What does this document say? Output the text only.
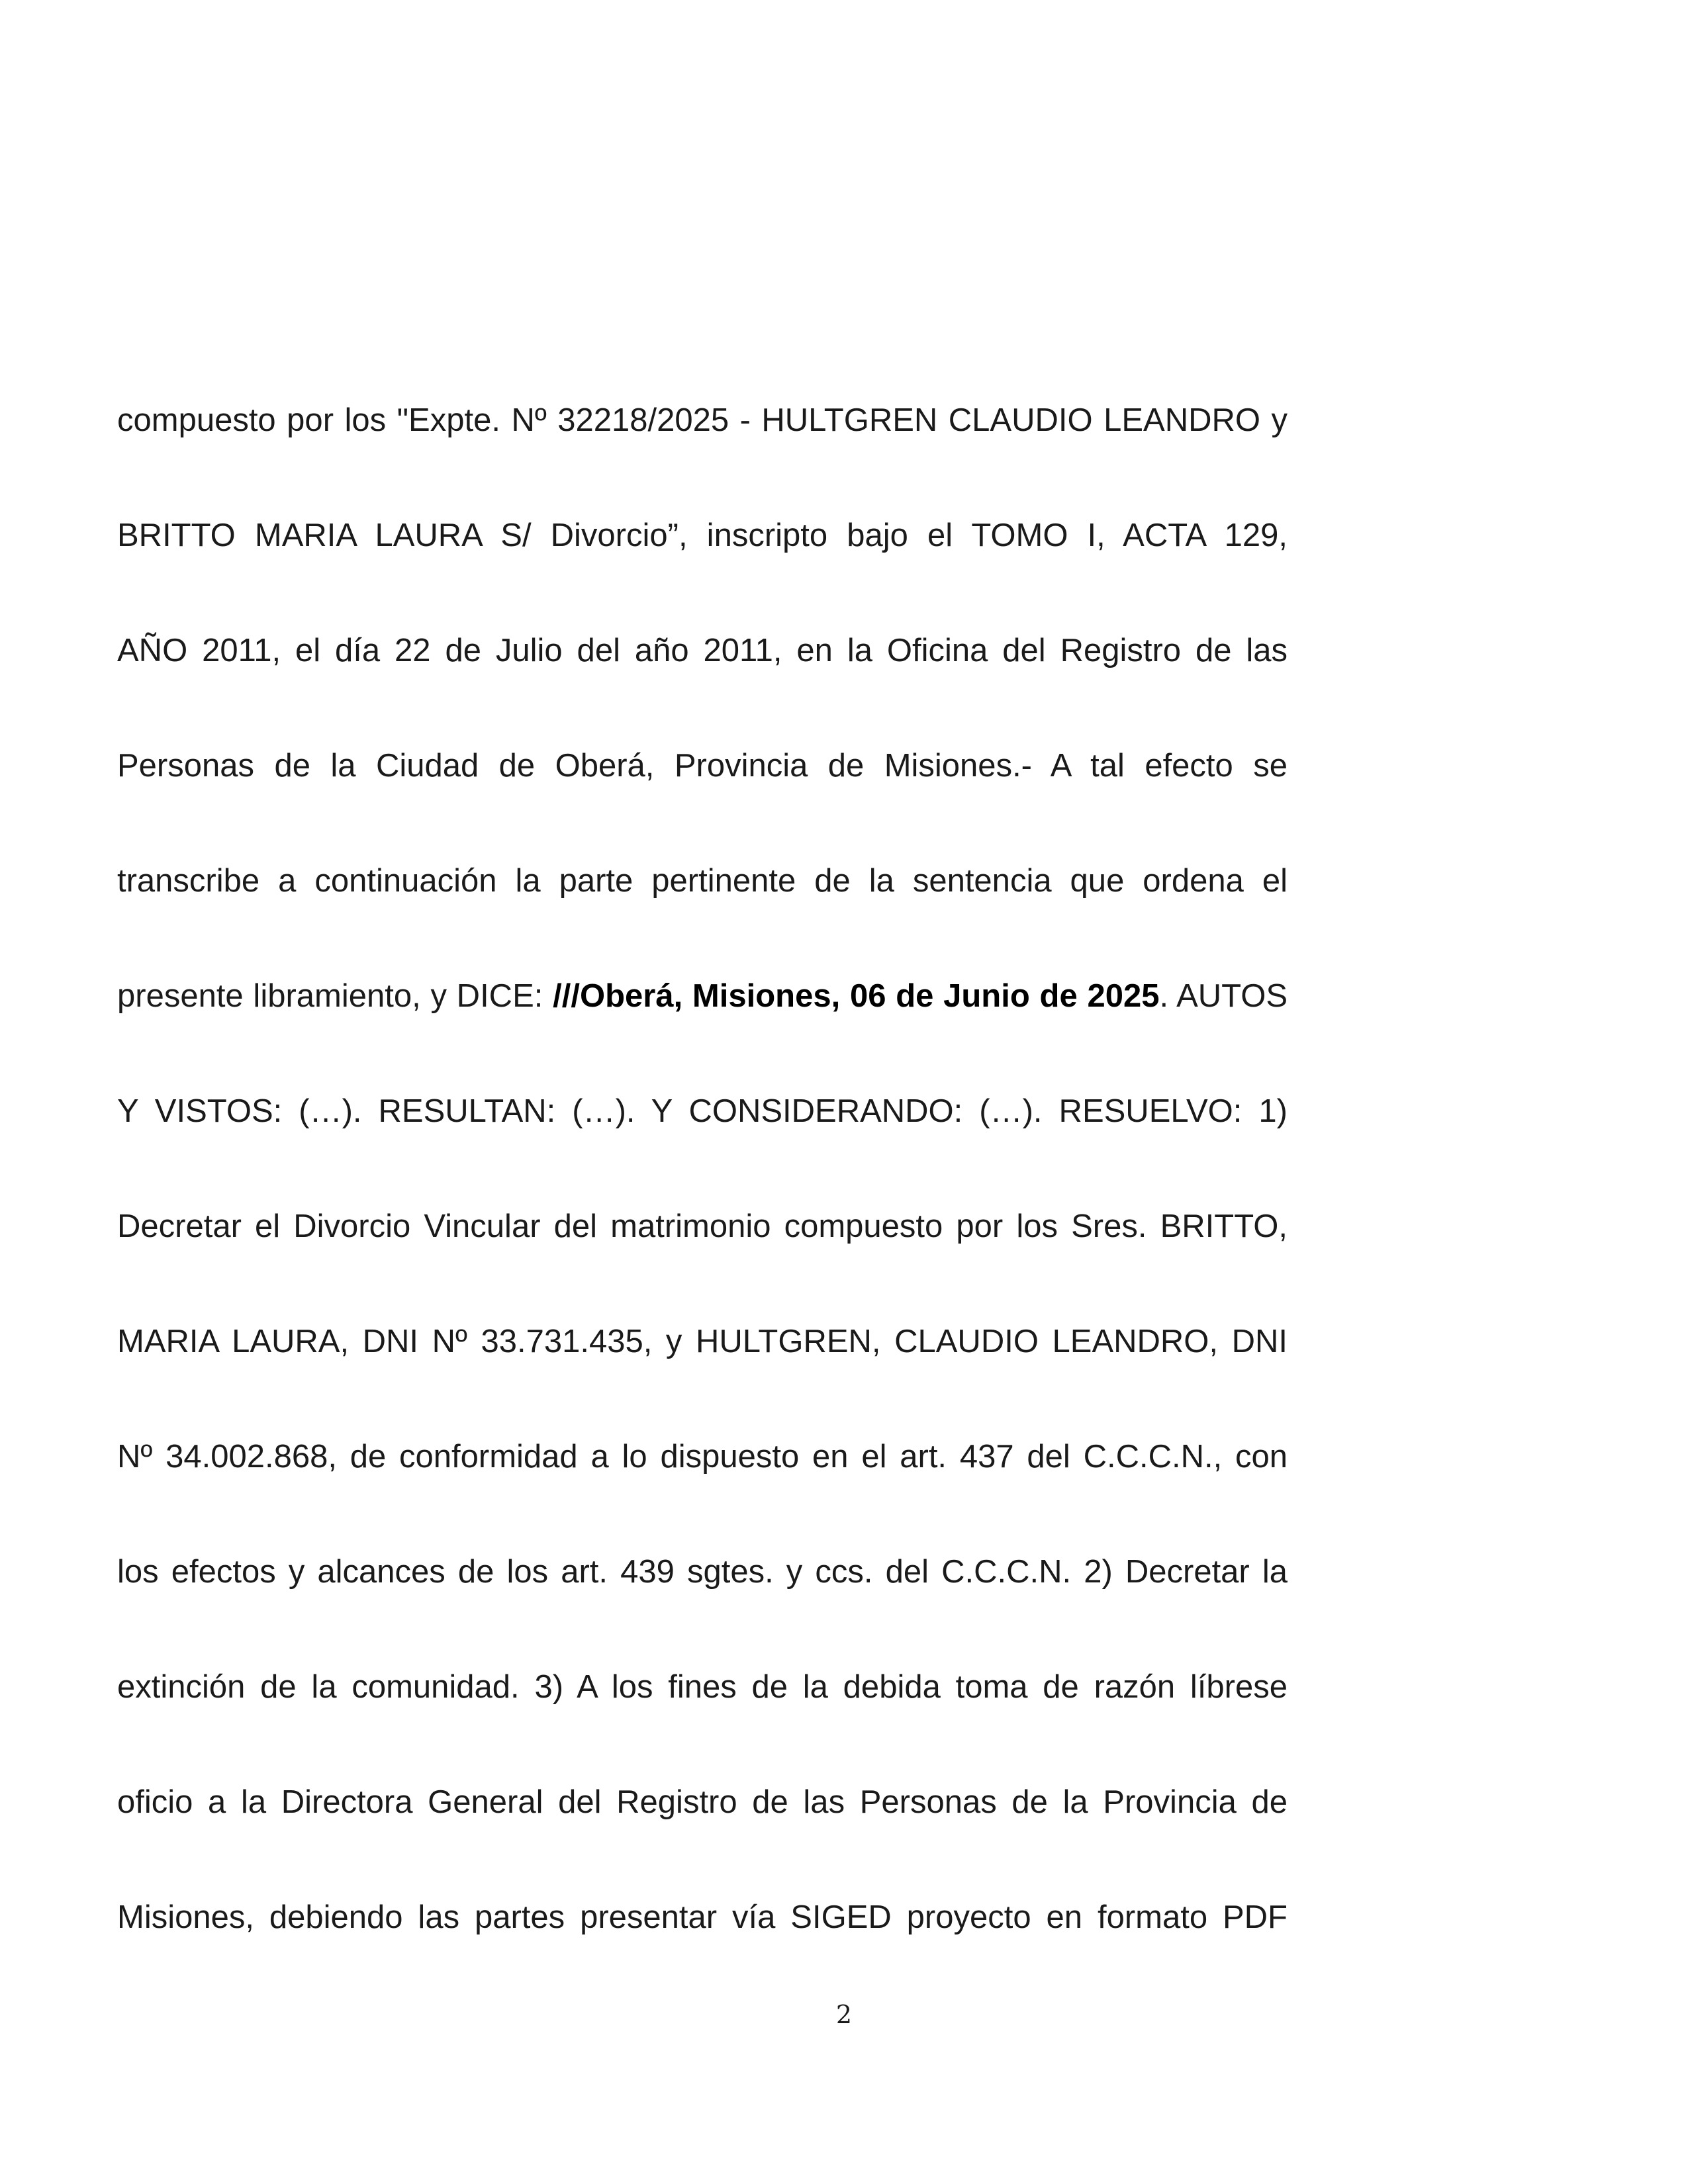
compuesto por los "Expte. Nº 32218/2025 - HULTGREN CLAUDIO LEANDRO y
BRITTO MARIA LAURA S/ Divorcio”, inscripto bajo el TOMO I, ACTA 129,
AÑO 2011, el día 22 de Julio del año 2011, en la Oficina del Registro de las
Personas de la Ciudad de Oberá, Provincia de Misiones.- A tal efecto se
transcribe a continuación la parte pertinente de la sentencia que ordena el
presente libramiento, y DICE: ///Oberá, Misiones, 06 de Junio de 2025. AUTOS
Y VISTOS: (…). RESULTAN: (…). Y CONSIDERANDO: (…). RESUELVO: 1)
Decretar el Divorcio Vincular del matrimonio compuesto por los Sres. BRITTO,
MARIA LAURA, DNI Nº 33.731.435, y HULTGREN, CLAUDIO LEANDRO, DNI
Nº 34.002.868, de conformidad a lo dispuesto en el art. 437 del C.C.C.N., con
los efectos y alcances de los art. 439 sgtes. y ccs. del C.C.C.N. 2) Decretar la
extinción de la comunidad. 3) A los fines de la debida toma de razón líbrese
oficio a la Directora General del Registro de las Personas de la Provincia de
Misiones, debiendo las partes presentar vía SIGED proyecto en formato PDF
2
